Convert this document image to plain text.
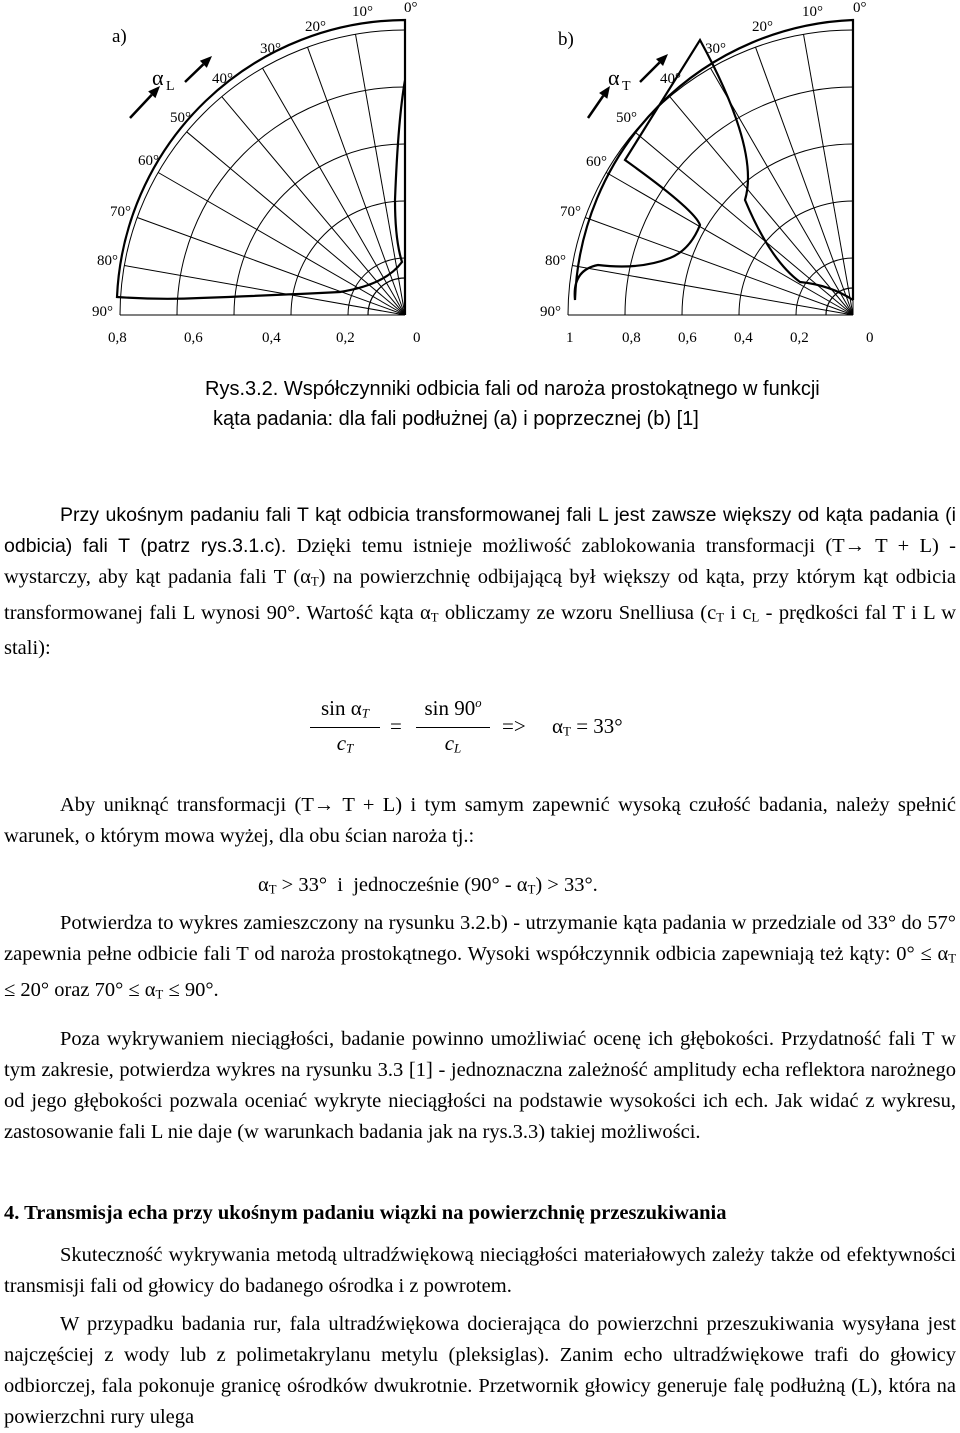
a)
α L
10°
20°
30°
40°
50°
60°
70°
80°
90°
0°
0,8	0,6	0,4	0,2	0
b)
α T
10°
20°
30°
40°
50°
60°
70°
80°
90°
0°
1	0,8 0,6 0,4 0,2	0
Rys.3.2. Współczynniki odbicia fali od naroża prostokątnego w funkcji
kąta padania: dla fali podłużnej (a) i poprzecznej (b) [1]

Przy ukośnym padaniu fali T kąt odbicia transformowanej fali L jest zawsze większy od kąta padania (i odbicia) fali T (patrz rys.3.1.c). Dzięki temu istnieje możliwość zablokowania transformacji (T→ T + L) - wystarczy, aby kąt padania fali T $(\alpha_T)$ na powierzchnię odbijającą był większy od kąta, przy którym kąt odbicia transformowanej fali L wynosi 90°. Wartość kąta $\alpha_T$ obliczamy ze wzoru Snelliusa ($c_T$ i $c_L$ - prędkości fal T i L w stali):

$\sin \alpha_T$
$c_T$
=
sin 90$^o$
$c_L$
=> $\alpha_T = 33^\circ$

Aby uniknąć transformacji (T→ T + L) i tym samym zapewnić wysoką czułość badania, należy spełnić warunek, o którym mowa wyżej, dla obu ścian naroża tj.:

$\alpha_T > 33^\circ$  i  jednocześnie $(90^\circ - \alpha_T) > 33^\circ$.

Potwierdza to wykres zamieszczony na rysunku 3.2.b) - utrzymanie kąta padania w przedziale od 33° do 57° zapewnia pełne odbicie fali T od naroża prostokątnego. Wysoki współczynnik odbicia zapewniają też kąty: $0^\circ \le \alpha_T \le 20^\circ$ oraz $70^\circ \le \alpha_T \le 90^\circ$.

Poza wykrywaniem nieciągłości, badanie powinno umożliwiać ocenę ich głębokości. Przydatność fali T w tym zakresie, potwierdza wykres na rysunku 3.3 [1] - jednoznaczna zależność amplitudy echa reflektora narożnego od jego głębokości pozwala oceniać wykryte nieciągłości na podstawie wysokości ich ech. Jak widać z wykresu, zastosowanie fali L nie daje (w warunkach badania jak na rys.3.3) takiej możliwości.

4. Transmisja echa przy ukośnym padaniu wiązki na powierzchnię przeszukiwania

Skuteczność wykrywania metodą ultradźwiękową nieciągłości materiałowych zależy także od efektywności transmisji fali od głowicy do badanego ośrodka i z powrotem.

W przypadku badania rur, fala ultradźwiękowa docierająca do powierzchni przeszukiwania wysyłana jest najczęściej z wody lub z polimetakrylanu metylu (pleksiglas). Zanim echo ultradźwiękowe trafi do głowicy odbiorczej, fala pokonuje granicę ośrodków dwukrotnie. Przetwornik głowicy generuje falę podłużną (L), która na powierzchni rury ulega
